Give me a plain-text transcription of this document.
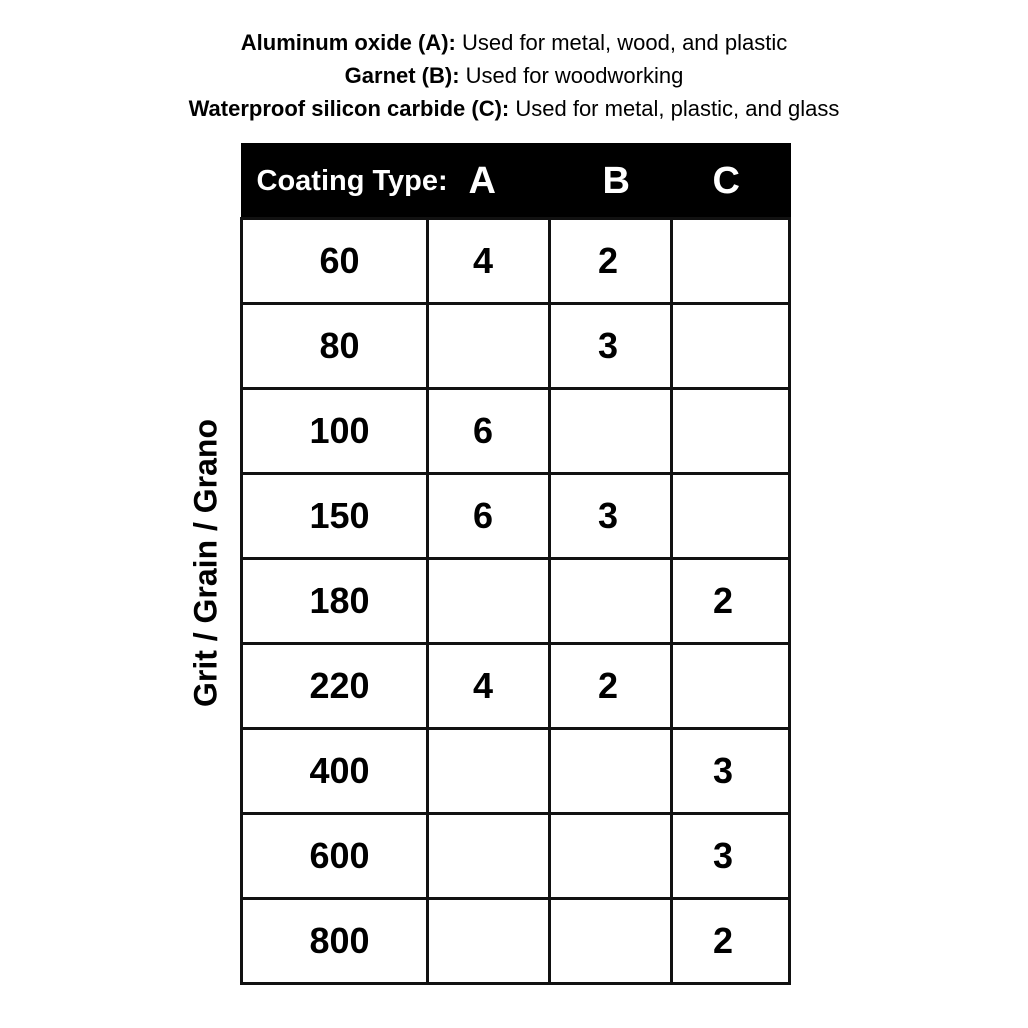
Aluminum oxide (A): Used for metal, wood, and plastic
Garnet (B): Used for woodworking
Waterproof silicon carbide (C): Used for metal, plastic, and glass
Grit / Grain / Grano
Coating Type:	A	B	C
60	4	2	
80		3	
100	6		
150	6	3	
180			2
220	4	2	
400			3
600			3
800			2
